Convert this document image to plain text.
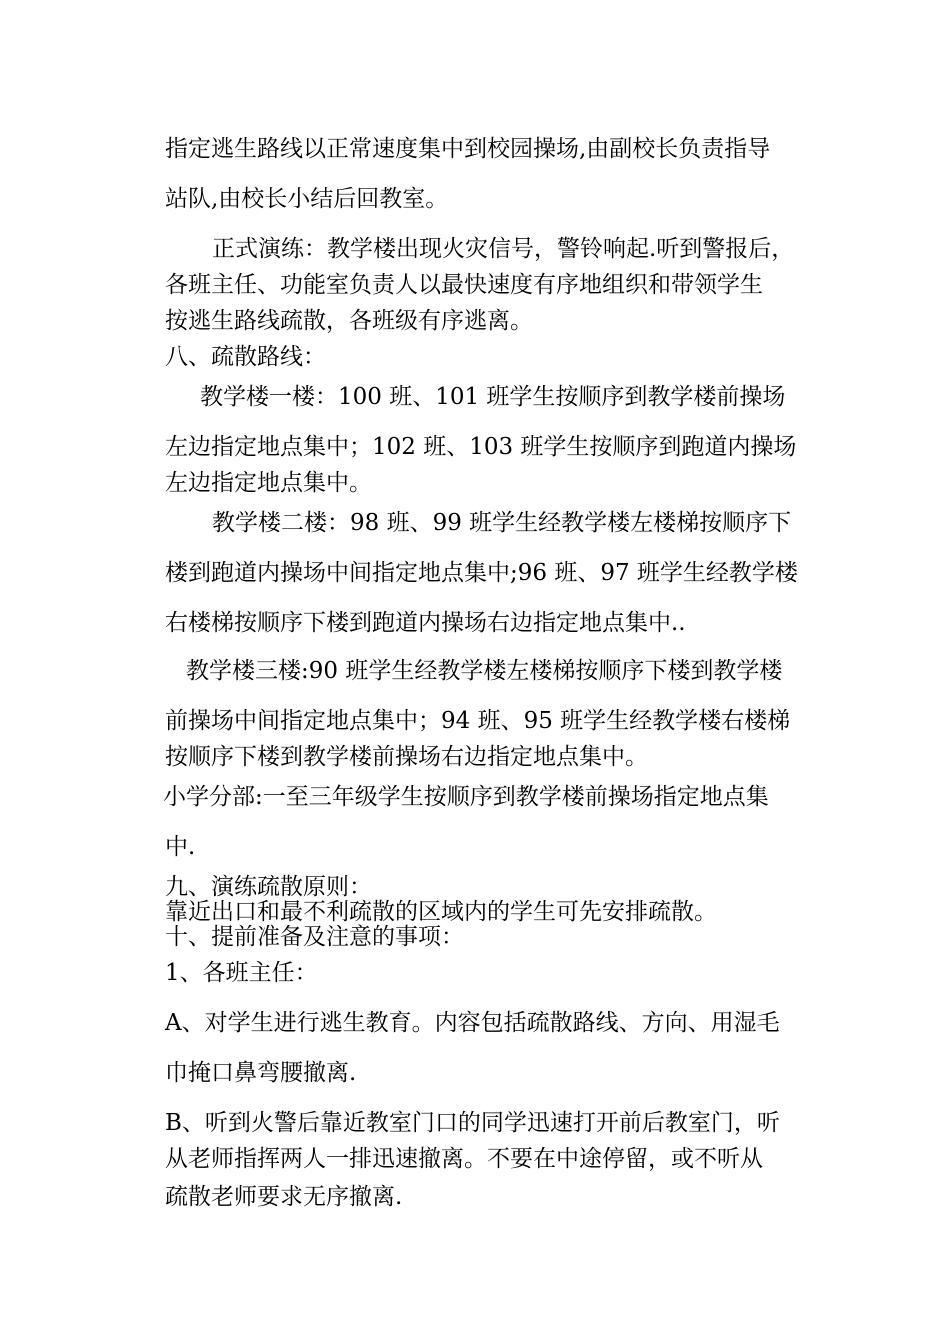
指定逃生路线以正常速度集中到校园操场,由副校长负责指导
站队,由校长小结后回教室。
正式演练：教学楼出现火灾信号，警铃响起.听到警报后，
各班主任、功能室负责人以最快速度有序地组织和带领学生
按逃生路线疏散，各班级有序逃离。
八、疏散路线：
教学楼一楼：100 班、101 班学生按顺序到教学楼前操场
左边指定地点集中；102 班、103 班学生按顺序到跑道内操场
左边指定地点集中。
教学楼二楼：98 班、99 班学生经教学楼左楼梯按顺序下
楼到跑道内操场中间指定地点集中;96 班、97 班学生经教学楼
右楼梯按顺序下楼到跑道内操场右边指定地点集中..
教学楼三楼:90 班学生经教学楼左楼梯按顺序下楼到教学楼
前操场中间指定地点集中；94 班、95 班学生经教学楼右楼梯
按顺序下楼到教学楼前操场右边指定地点集中。
小学分部:一至三年级学生按顺序到教学楼前操场指定地点集
中.
九、演练疏散原则：
靠近出口和最不利疏散的区域内的学生可先安排疏散。
十、提前准备及注意的事项：
1、各班主任：
A、对学生进行逃生教育。内容包括疏散路线、方向、用湿毛
巾掩口鼻弯腰撤离.
B、听到火警后靠近教室门口的同学迅速打开前后教室门，听
从老师指挥两人一排迅速撤离。不要在中途停留，或不听从
疏散老师要求无序撤离.
